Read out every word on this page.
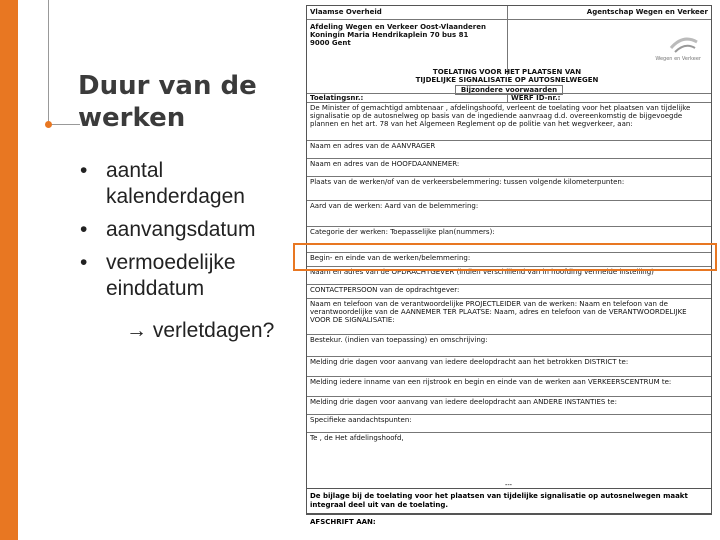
Duur van de
werken
• aantal kalenderdagen
• aanvangsdatum
• vermoedelijke einddatum
→ verletdagen?
Vlaamse Overheid	Agentschap Wegen en Verkeer
Afdeling Wegen en Verkeer Oost-Vlaanderen
Koningin Maria Hendrikaplein 70 bus 81
9000 Gent
Wegen en Verkeer
TOELATING VOOR HET PLAATSEN VAN
TIJDELIJKE SIGNALISATIE OP AUTOSNELWEGEN
Bijzondere voorwaarden
Toelatingsnr.:	WERF ID-nr.:
De Minister of gemachtigd ambtenaar , afdelingshoofd, verleent de toelating voor het plaatsen van tijdelijke signalisatie op de autosnelweg op basis van de ingediende aanvraag d.d. overeenkomstig de bijgevoegde plannen en het art. 78 van het Algemeen Reglement op de politie van het wegverkeer, aan:
Naam en adres van de AANVRAGER
Naam en adres van de HOOFDAANNEMER:
Plaats van de werken/of van de verkeersbelemmering: tussen volgende kilometerpunten:
Aard van de werken: Aard van de belemmering:
Categorie der werken: Toepasselijke plan(nummers):
Begin- en einde van de werken/belemmering:
Naam en adres van de OPDRACHTGEVER (indien verschillend van in hoofding vermelde instelling)
CONTACTPERSOON van de opdrachtgever:
Naam en telefoon van de verantwoordelijke PROJECTLEIDER van de werken: Naam en telefoon van de verantwoordelijke van de AANNEMER TER PLAATSE: Naam, adres en telefoon van de VERANTWOORDELIJKE VOOR DE SIGNALISATIE:
Bestekur. (indien van toepassing) en omschrijving:
Melding drie dagen voor aanvang van iedere deelopdracht aan het betrokken DISTRICT te:
Melding iedere inname van een rijstrook en begin en einde van de werken aan VERKEERSCENTRUM te:
Melding drie dagen voor aanvang van iedere deelopdracht aan ANDERE INSTANTIES te:
Specifieke aandachtspunten:
Te , de Het afdelingshoofd,
---
De bijlage bij de toelating voor het plaatsen van tijdelijke signalisatie op autosnelwegen maakt integraal deel uit van de toelating.
AFSCHRIFT AAN:
